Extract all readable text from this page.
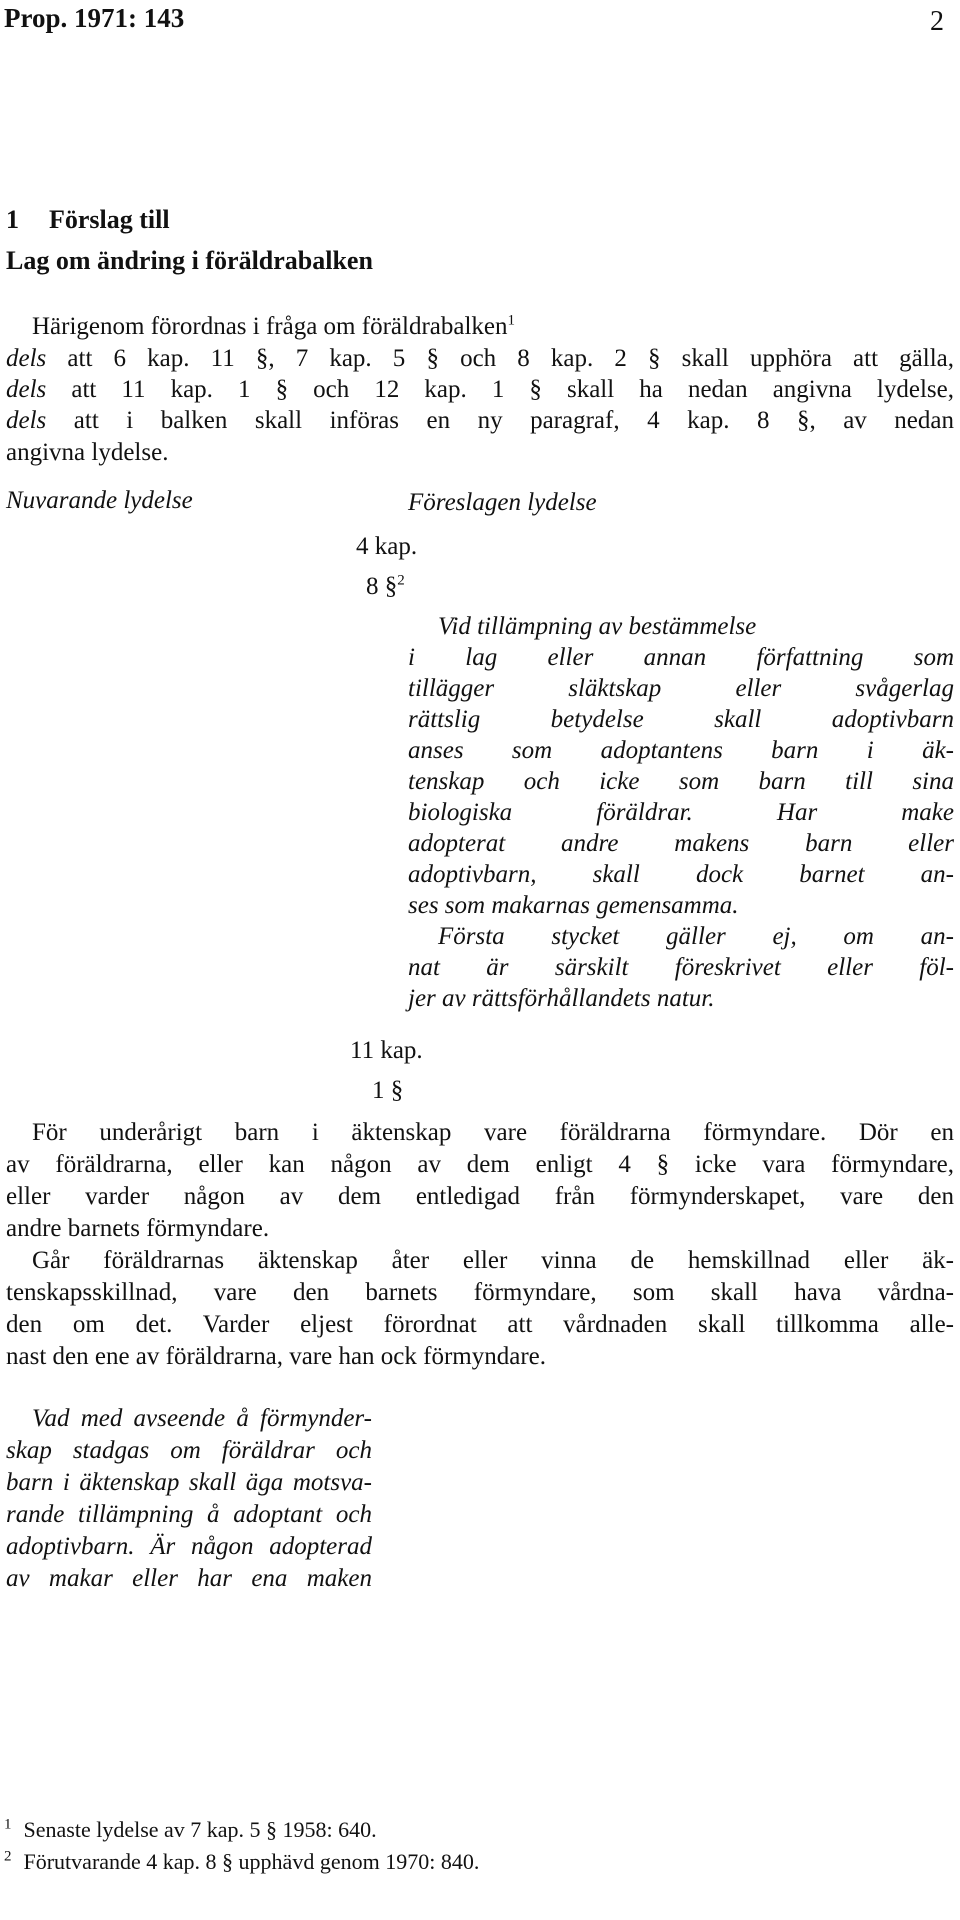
Prop. 1971: 143	2
1 Förslag till
Lag om ändring i föräldrabalken
Härigenom förordnas i fråga om föräldrabalken$^1$
dels att 6 kap. 11 §, 7 kap. 5 § och 8 kap. 2 § skall upphöra att gälla,
dels att 11 kap. 1 § och 12 kap. 1 § skall ha nedan angivna lydelse,
dels att i balken skall införas en ny paragraf, 4 kap. 8 §, av nedan
angivna lydelse.
Nuvarande lydelse	Föreslagen lydelse
4 kap.
8 §$^2$
Vid tillämpning av bestämmelse
i lag eller annan författning som
tillägger släktskap eller svågerlag
rättslig betydelse skall adoptivbarn
anses som adoptantens barn i äk-
tenskap och icke som barn till sina
biologiska föräldrar. Har make
adopterat andre makens barn eller
adoptivbarn, skall dock barnet an-
ses som makarnas gemensamma.
Första stycket gäller ej, om an-
nat är särskilt föreskrivet eller föl-
jer av rättsförhållandets natur.
11 kap.
1 §
För underårigt barn i äktenskap vare föräldrarna förmyndare. Dör en
av föräldrarna, eller kan någon av dem enligt 4 § icke vara förmyndare,
eller varder någon av dem entledigad från förmynderskapet, vare den
andre barnets förmyndare.
Går föräldrarnas äktenskap åter eller vinna de hemskillnad eller äk-
tenskapsskillnad, vare den barnets förmyndare, som skall hava vårdna-
den om det. Varder eljest förordnat att vårdnaden skall tillkomma alle-
nast den ene av föräldrarna, vare han ock förmyndare.
Vad med avseende å förmynder-
skap stadgas om föräldrar och
barn i äktenskap skall äga motsva-
rande tillämpning å adoptant och
adoptivbarn. Är någon adopterad
av makar eller har ena maken
$^1$ Senaste lydelse av 7 kap. 5 § 1958: 640.
$^2$ Förutvarande 4 kap. 8 § upphävd genom 1970: 840.
